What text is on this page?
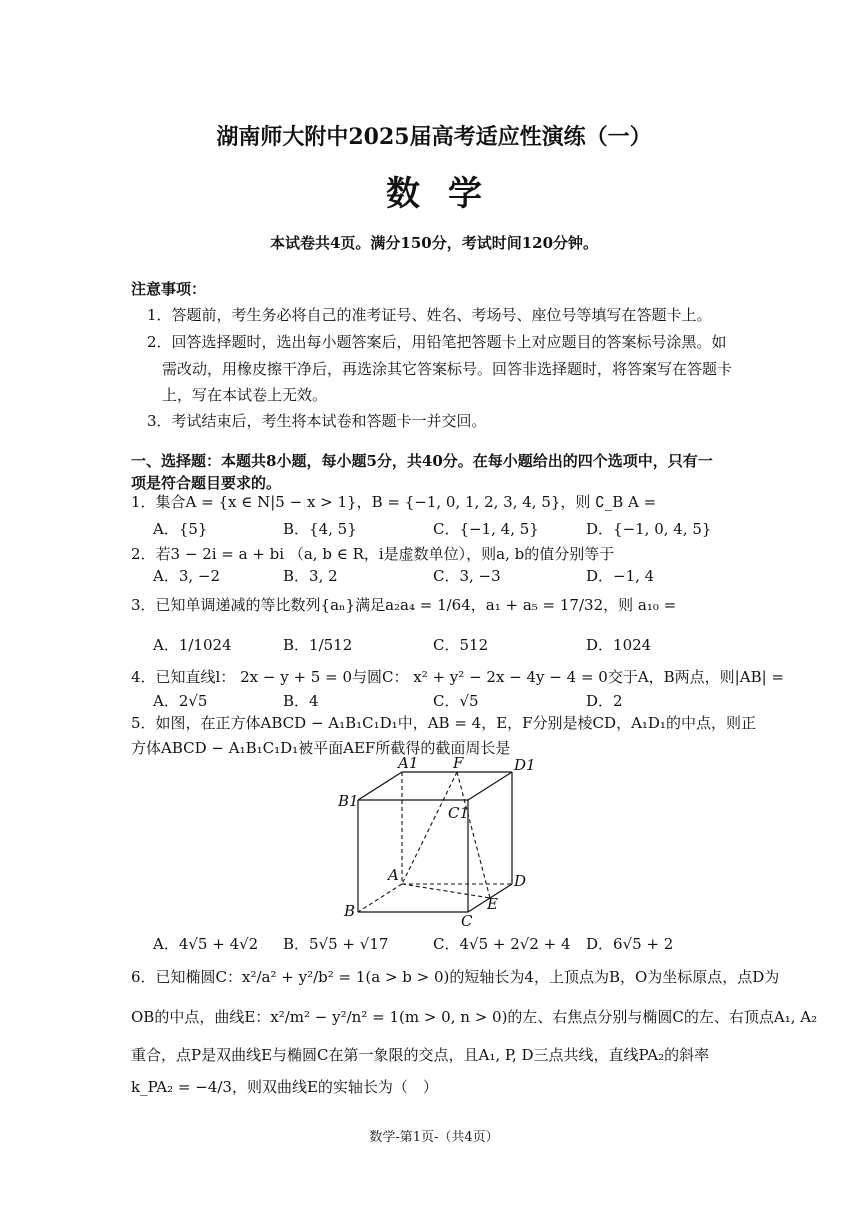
湖南师大附中2025届高考适应性演练（一）
数学
本试卷共4页。满分150分，考试时间120分钟。
注意事项：
1．答题前，考生务必将自己的准考证号、姓名、考场号、座位号等填写在答题卡上。
2．回答选择题时，选出每小题答案后，用铅笔把答题卡上对应题目的答案标号涂黑。如
需改动，用橡皮擦干净后，再选涂其它答案标号。回答非选择题时，将答案写在答题卡
上，写在本试卷上无效。
3．考试结束后，考生将本试卷和答题卡一并交回。
一、选择题：本题共8小题，每小题5分，共40分。在每小题给出的四个选项中，只有一
项是符合题目要求的。
1．集合A = {x ∈ N|5 − x > 1}，B = {−1, 0, 1, 2, 3, 4, 5}，则 ∁_B A =
A．{5}	B．{4, 5}	C．{−1, 4, 5}	D．{−1, 0, 4, 5}
2．若3 − 2i = a + bi （a, b ∈ R，i是虚数单位），则a, b的值分别等于
A．3, −2	B．3, 2	C．3, −3	D．−1, 4
3．已知单调递减的等比数列{aₙ}满足a₂a₄ = 1/64，a₁ + a₅ = 17/32，则 a₁₀ =
A．1/1024	B．1/512	C．512	D．1024
4．已知直线l： 2x − y + 5 = 0与圆C： x² + y² − 2x − 4y − 4 = 0交于A，B两点，则|AB| =
A．2√5	B．4	C．√5	D．2
5．如图，在正方体ABCD − A₁B₁C₁D₁中，AB = 4，E，F分别是棱CD，A₁D₁的中点，则正
方体ABCD − A₁B₁C₁D₁被平面AEF所截得的截面周长是
A1 F	D1
B1
C1
A	D
B	E
C
A．4√5 + 4√2 B．5√5 + √17	C．4√5 + 2√2 + 4 D．6√5 + 2
6．已知椭圆C：x²/a² + y²/b² = 1(a > b > 0)的短轴长为4，上顶点为B，O为坐标原点，点D为
OB的中点，曲线E：x²/m² − y²/n² = 1(m > 0, n > 0)的左、右焦点分别与椭圆C的左、右顶点A₁, A₂
重合，点P是双曲线E与椭圆C在第一象限的交点，且A₁, P, D三点共线，直线PA₂的斜率
k_PA₂ = −4/3，则双曲线E的实轴长为（　）
数学-第1页-（共4页）
